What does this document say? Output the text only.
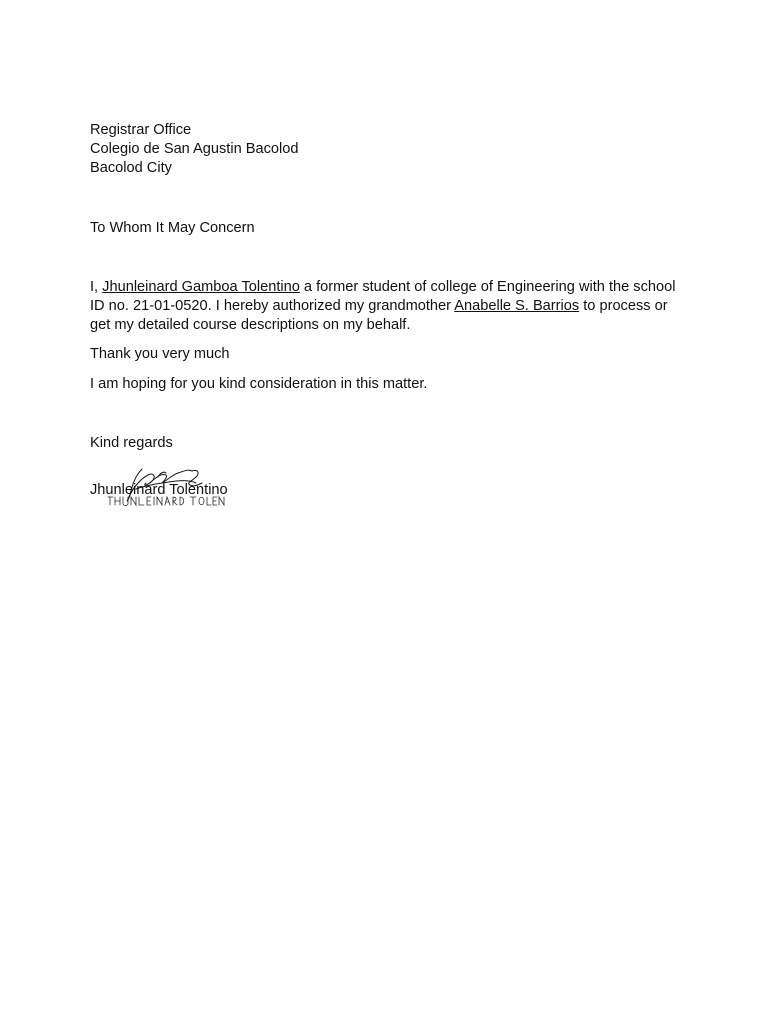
Registrar Office
Colegio de San Agustin Bacolod
Bacolod City
To Whom It May Concern

I, Jhunleinard Gamboa Tolentino a former student of college of Engineering with the school ID no. 21-01-0520. I hereby authorized my grandmother Anabelle S. Barrios to process or get my detailed course descriptions on my behalf.

Thank you very much

I am hoping for you kind consideration in this matter.

Kind regards
Jhunleinard Tolentino
